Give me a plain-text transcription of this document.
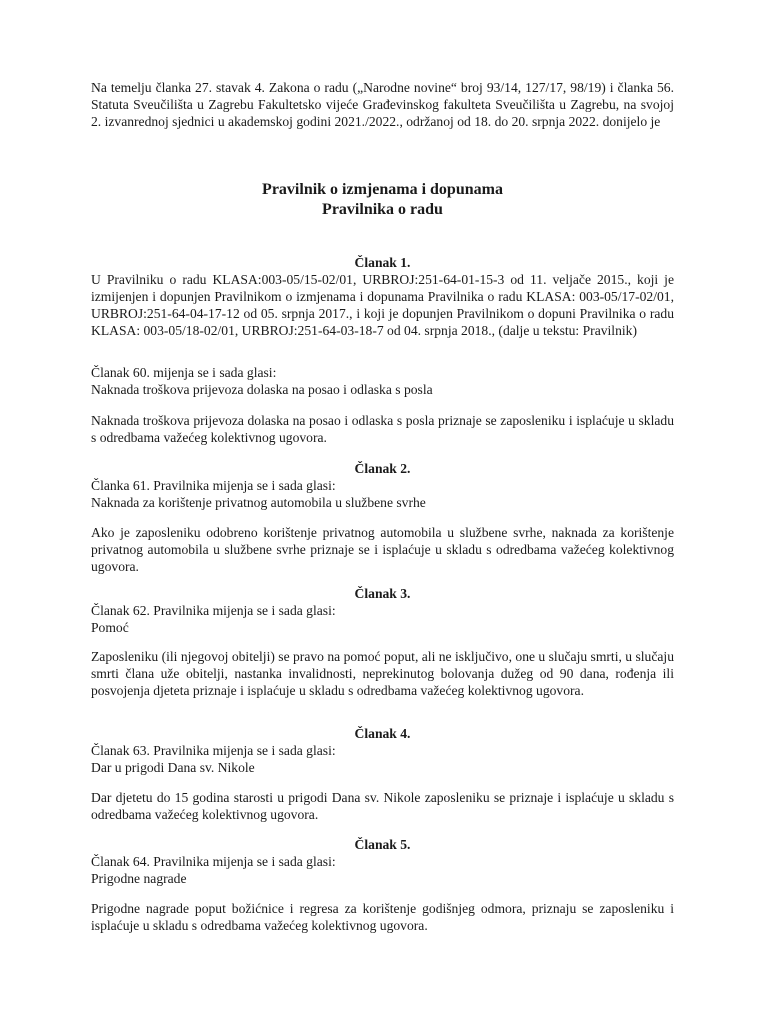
Na temelju članka 27. stavak 4. Zakona o radu („Narodne novine“ broj 93/14, 127/17, 98/19) i članka 56. Statuta Sveučilišta u Zagrebu Fakultetsko vijeće Građevinskog fakulteta Sveučilišta u Zagrebu, na svojoj 2. izvanrednoj sjednici u akademskoj godini 2021./2022., održanoj od 18. do 20. srpnja 2022. donijelo je

Pravilnik o izmjenama i dopunama
Pravilnika o radu

Članak 1.

U Pravilniku o radu KLASA:003-05/15-02/01, URBROJ:251-64-01-15-3 od 11. veljače 2015., koji je izmijenjen i dopunjen Pravilnikom o izmjenama i dopunama Pravilnika o radu KLASA: 003-05/17-02/01, URBROJ:251-64-04-17-12 od 05. srpnja 2017., i koji je dopunjen Pravilnikom o dopuni Pravilnika o radu KLASA: 003-05/18-02/01, URBROJ:251-64-03-18-7 od 04. srpnja 2018., (dalje u tekstu: Pravilnik)

Članak 60. mijenja se i sada glasi:

Naknada troškova prijevoza dolaska na posao i odlaska s posla

Naknada troškova prijevoza dolaska na posao i odlaska s posla priznaje se zaposleniku i isplaćuje u skladu s odredbama važećeg kolektivnog ugovora.

Članak 2.

Članka 61. Pravilnika mijenja se i sada glasi:

Naknada za korištenje privatnog automobila u službene svrhe

Ako je zaposleniku odobreno korištenje privatnog automobila u službene svrhe, naknada za korištenje privatnog automobila u službene svrhe priznaje se i isplaćuje u skladu s odredbama važećeg kolektivnog ugovora.

Članak 3.

Članak 62. Pravilnika mijenja se i sada glasi:

Pomoć

Zaposleniku (ili njegovoj obitelji) se pravo na pomoć poput, ali ne isključivo, one u slučaju smrti, u slučaju smrti člana uže obitelji, nastanka invalidnosti, neprekinutog bolovanja dužeg od 90 dana, rođenja ili posvojenja djeteta priznaje i isplaćuje u skladu s odredbama važećeg kolektivnog ugovora.

Članak 4.

Članak 63. Pravilnika mijenja se i sada glasi:

Dar u prigodi Dana sv. Nikole

Dar djetetu do 15 godina starosti u prigodi Dana sv. Nikole zaposleniku se priznaje i isplaćuje u skladu s odredbama važećeg kolektivnog ugovora.

Članak 5.

Članak 64. Pravilnika mijenja se i sada glasi:

Prigodne nagrade

Prigodne nagrade poput božićnice i regresa za korištenje godišnjeg odmora, priznaju se zaposleniku i isplaćuje u skladu s odredbama važećeg kolektivnog ugovora.
